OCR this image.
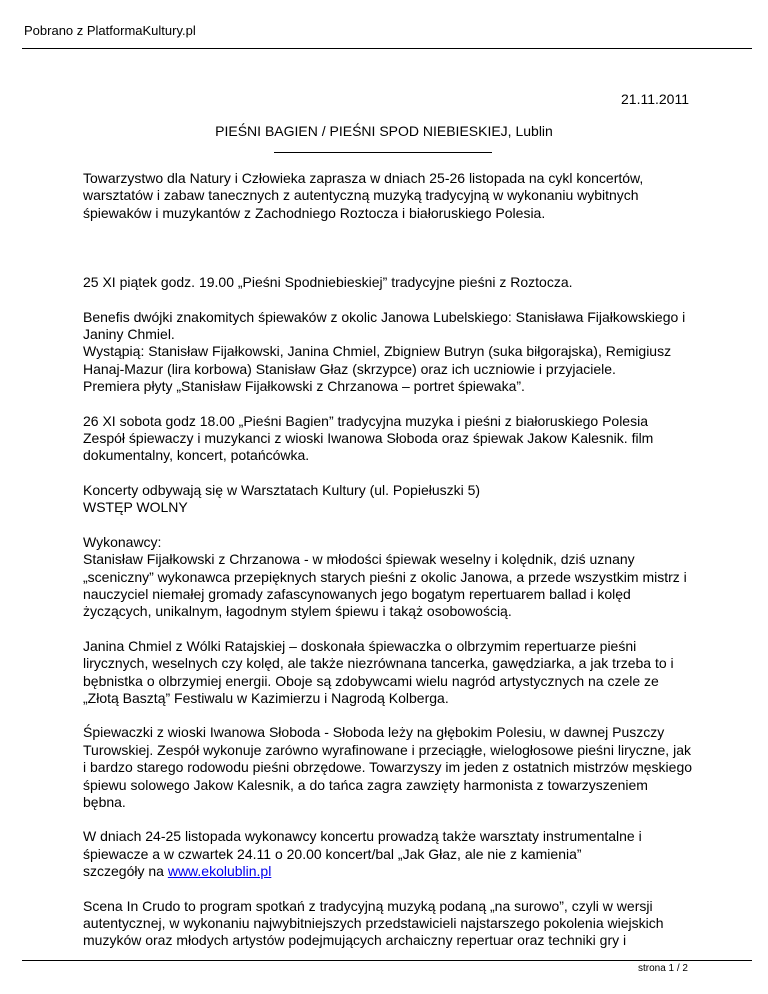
Pobrano z PlatformaKultury.pl
21.11.2011
PIEŚNI BAGIEN / PIEŚNI SPOD NIEBIESKIEJ, Lublin

Towarzystwo dla Natury i Człowieka zaprasza w dniach 25-26 listopada na cykl koncertów, warsztatów i zabaw tanecznych z autentyczną muzyką tradycyjną w wykonaniu wybitnych śpiewaków i muzykantów z Zachodniego Roztocza i białoruskiego Polesia.

25 XI piątek godz. 19.00 „Pieśni Spodniebieskiej” tradycyjne pieśni z Roztocza.

Benefis dwójki znakomitych śpiewaków z okolic Janowa Lubelskiego: Stanisława Fijałkowskiego i Janiny Chmiel.

Wystąpią: Stanisław Fijałkowski, Janina Chmiel, Zbigniew Butryn (suka biłgorajska), Remigiusz Hanaj-Mazur (lira korbowa) Stanisław Głaz (skrzypce) oraz ich uczniowie i przyjaciele.

Premiera płyty „Stanisław Fijałkowski z Chrzanowa – portret śpiewaka”.

26 XI sobota godz 18.00 „Pieśni Bagien” tradycyjna muzyka i pieśni z białoruskiego Polesia

Zespół śpiewaczy i muzykanci z wioski Iwanowa Słoboda oraz śpiewak Jakow Kalesnik. film dokumentalny, koncert, potańcówka.

Koncerty odbywają się w Warsztatach Kultury (ul. Popiełuszki 5)

WSTĘP WOLNY

Wykonawcy:

Stanisław Fijałkowski z Chrzanowa - w młodości śpiewak weselny i kolędnik, dziś uznany „sceniczny” wykonawca przepięknych starych pieśni z okolic Janowa, a przede wszystkim mistrz i nauczyciel niemałej gromady zafascynowanych jego bogatym repertuarem ballad i kolęd życzących, unikalnym, łagodnym stylem śpiewu i takąż osobowością.

Janina Chmiel z Wólki Ratajskiej – doskonała śpiewaczka o olbrzymim repertuarze pieśni lirycznych, weselnych czy kolęd, ale także niezrównana tancerka, gawędziarka, a jak trzeba to i bębnistka o olbrzymiej energii. Oboje są zdobywcami wielu nagród artystycznych na czele ze „Złotą Basztą” Festiwalu w Kazimierzu i Nagrodą Kolberga.

Śpiewaczki z wioski Iwanowa Słoboda - Słoboda leży na głębokim Polesiu, w dawnej Puszczy Turowskiej. Zespół wykonuje zarówno wyrafinowane i przeciągłe, wielogłosowe pieśni liryczne, jak i bardzo starego rodowodu pieśni obrzędowe. Towarzyszy im jeden z ostatnich mistrzów męskiego śpiewu solowego Jakow Kalesnik, a do tańca zagra zawzięty harmonista z towarzyszeniem bębna.

W dniach 24-25 listopada wykonawcy koncertu prowadzą także warsztaty instrumentalne i śpiewacze a w czwartek 24.11 o 20.00 koncert/bal „Jak Głaz, ale nie z kamienia”

szczegóły na www.ekolublin.pl

Scena In Crudo to program spotkań z tradycyjną muzyką podaną „na surowo”, czyli w wersji autentycznej, w wykonaniu najwybitniejszych przedstawicieli najstarszego pokolenia wiejskich muzyków oraz młodych artystów podejmujących archaiczny repertuar oraz techniki gry i

strona 1 / 2
